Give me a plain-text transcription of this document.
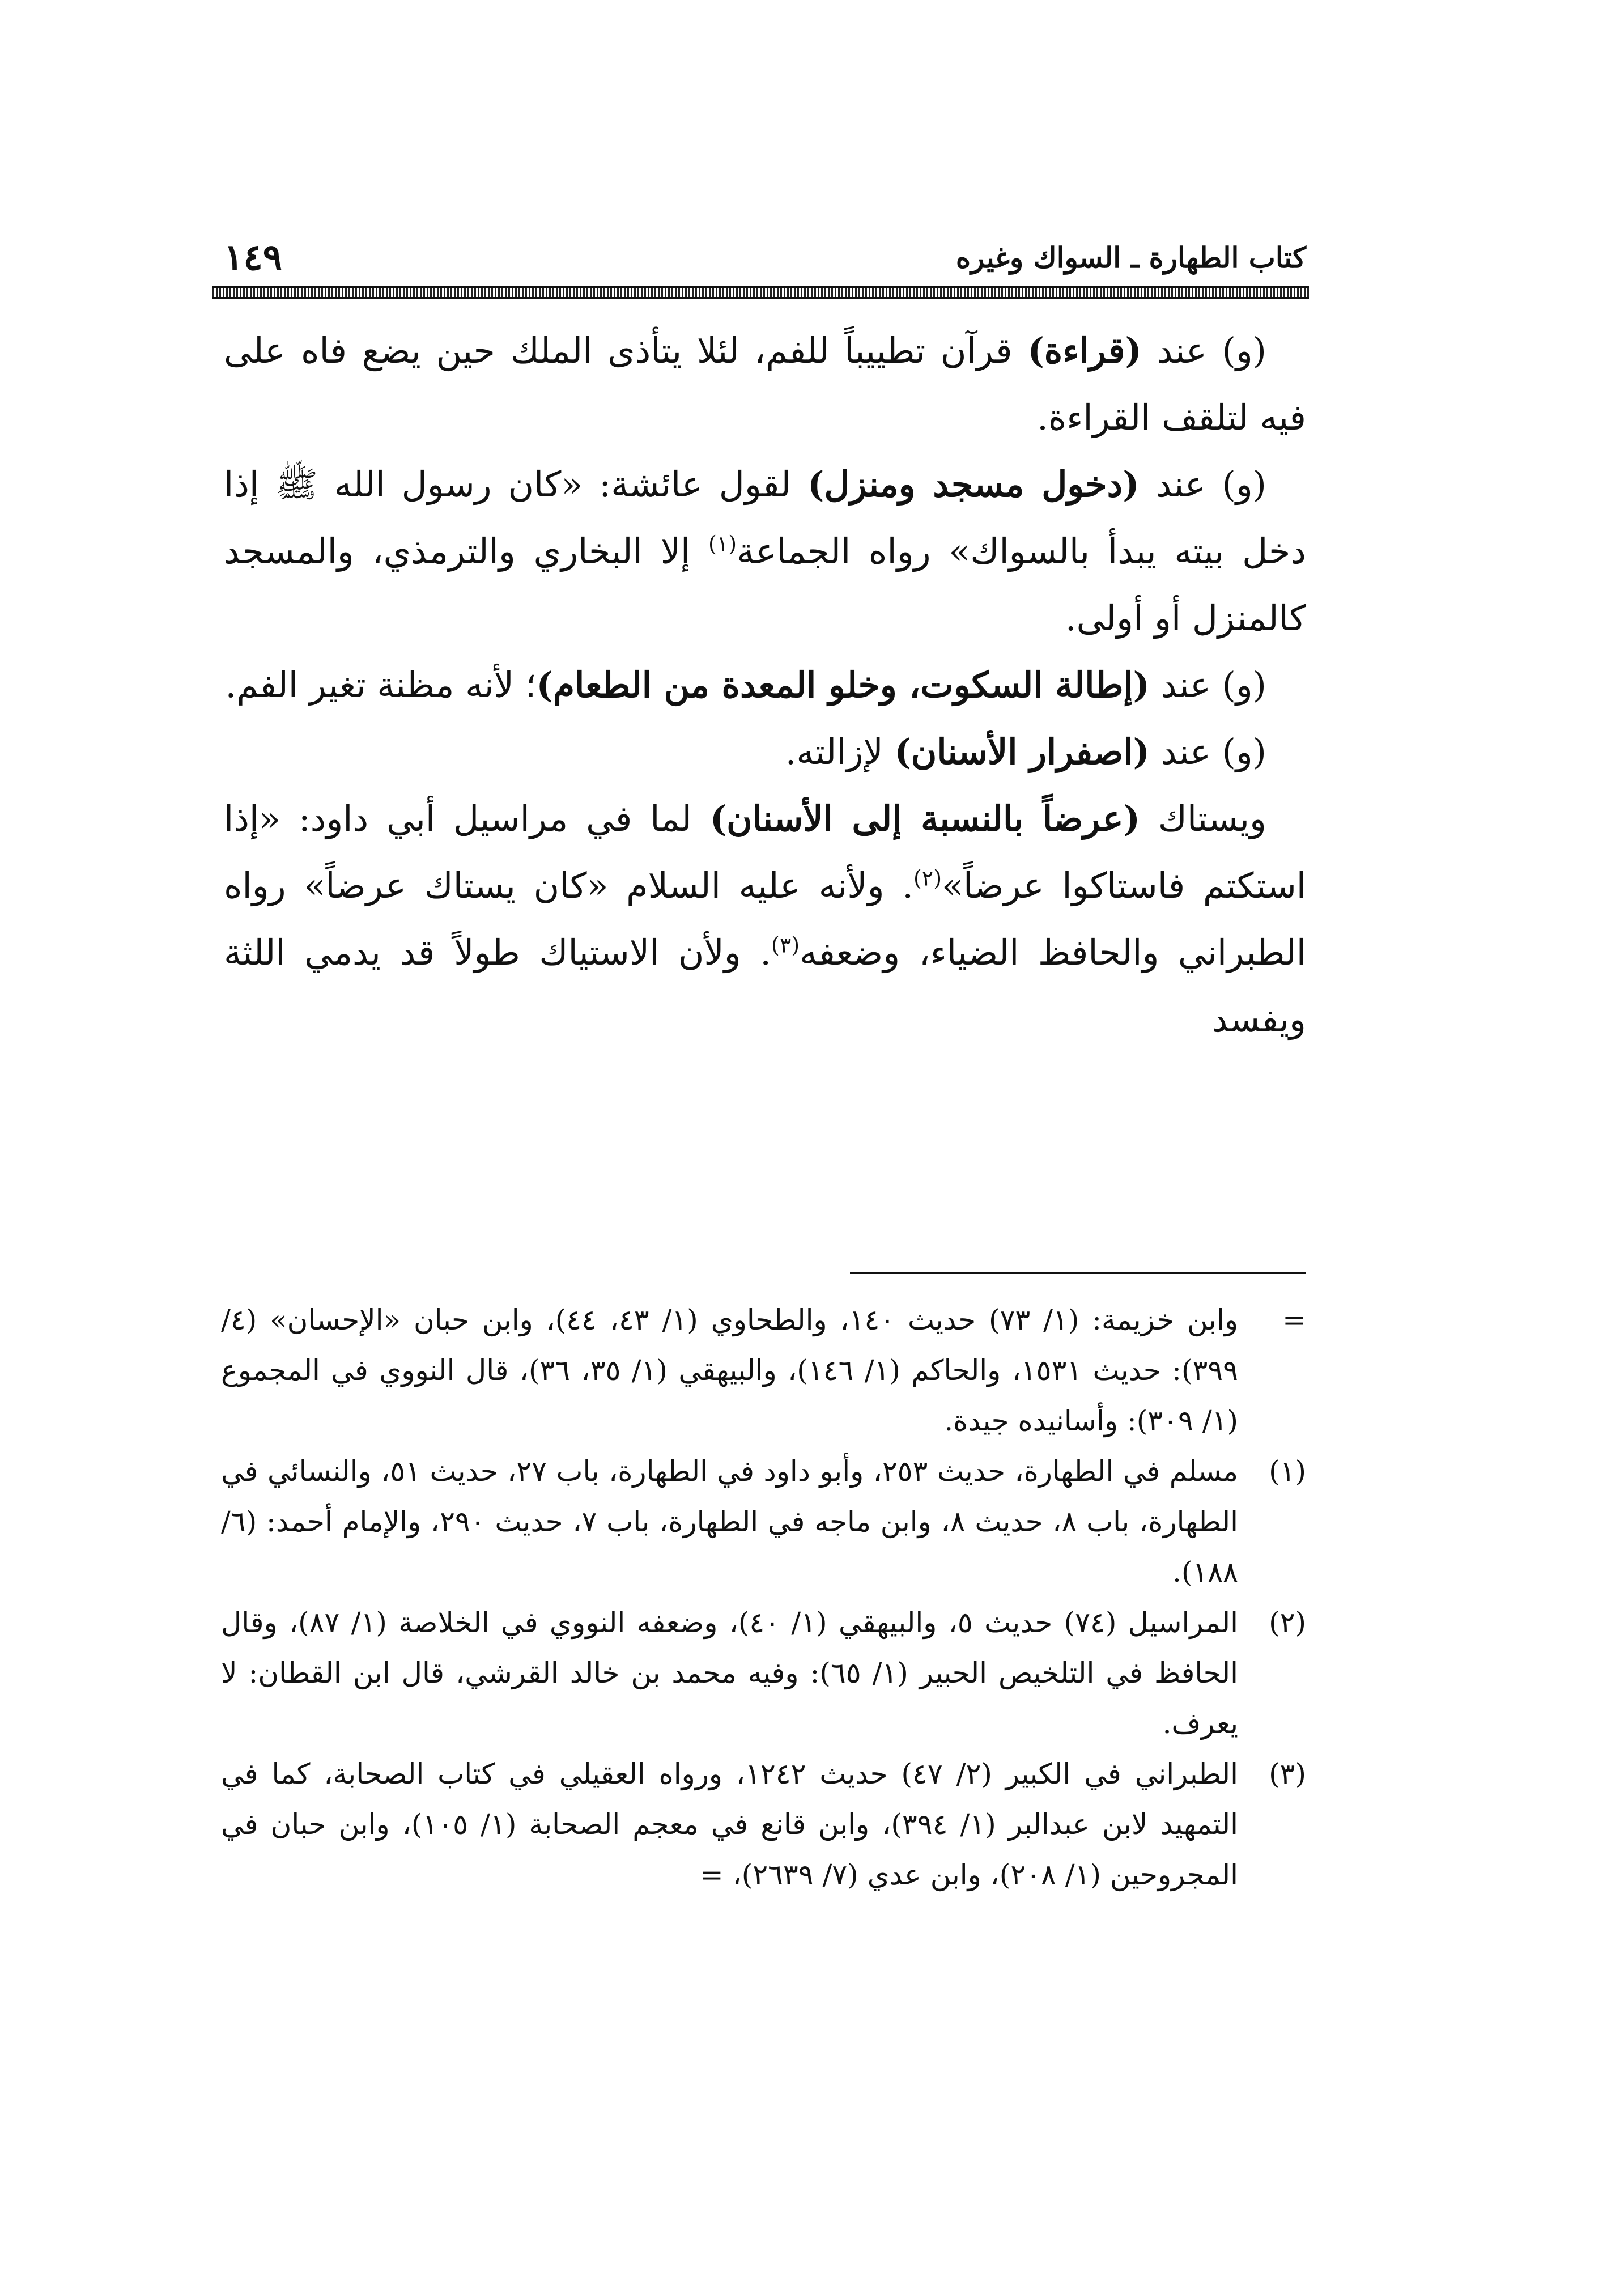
١٤٩	كتاب الطهارة ـ السواك وغيره

(و) عند (قراءة) قرآن تطييباً للفم، لئلا يتأذى الملك حين يضع فاه على فيه لتلقف القراءة.

(و) عند (دخول مسجد ومنزل) لقول عائشة: «كان رسول الله ﷺ إذا دخل بيته يبدأ بالسواك» رواه الجماعة$^{(١)}$ إلا البخاري والترمذي، والمسجد كالمنزل أو أولى.

(و) عند (إطالة السكوت، وخلو المعدة من الطعام)؛ لأنه مظنة تغير الفم.

(و) عند (اصفرار الأسنان) لإزالته.

ويستاك (عرضاً بالنسبة إلى الأسنان) لما في مراسيل أبي داود: «إذا استكتم فاستاكوا عرضاً»$^{(٢)}$. ولأنه عليه السلام «كان يستاك عرضاً» رواه الطبراني والحافظ الضياء، وضعفه$^{(٣)}$. ولأن الاستياك طولاً قد يدمي اللثة ويفسد

=

وابن خزيمة: (١/ ٧٣) حديث ١٤٠، والطحاوي (١/ ٤٣، ٤٤)، وابن حبان «الإحسان» (٤/ ٣٩٩): حديث ١٥٣١، والحاكم (١/ ١٤٦)، والبيهقي (١/ ٣٥، ٣٦)، قال النووي في المجموع (١/ ٣٠٩): وأسانيده جيدة.

(١)

مسلم في الطهارة، حديث ٢٥٣، وأبو داود في الطهارة، باب ٢٧، حديث ٥١، والنسائي في الطهارة، باب ٨، حديث ٨، وابن ماجه في الطهارة، باب ٧، حديث ٢٩٠، والإمام أحمد: (٦/ ١٨٨).

(٢)

المراسيل (٧٤) حديث ٥، والبيهقي (١/ ٤٠)، وضعفه النووي في الخلاصة (١/ ٨٧)، وقال الحافظ في التلخيص الحبير (١/ ٦٥): وفيه محمد بن خالد القرشي، قال ابن القطان: لا يعرف.

(٣)

الطبراني في الكبير (٢/ ٤٧) حديث ١٢٤٢، ورواه العقيلي في كتاب الصحابة، كما في التمهيد لابن عبدالبر (١/ ٣٩٤)، وابن قانع في معجم الصحابة (١/ ١٠٥)، وابن حبان في المجروحين (١/ ٢٠٨)، وابن عدي (٧/ ٢٦٣٩)، =
